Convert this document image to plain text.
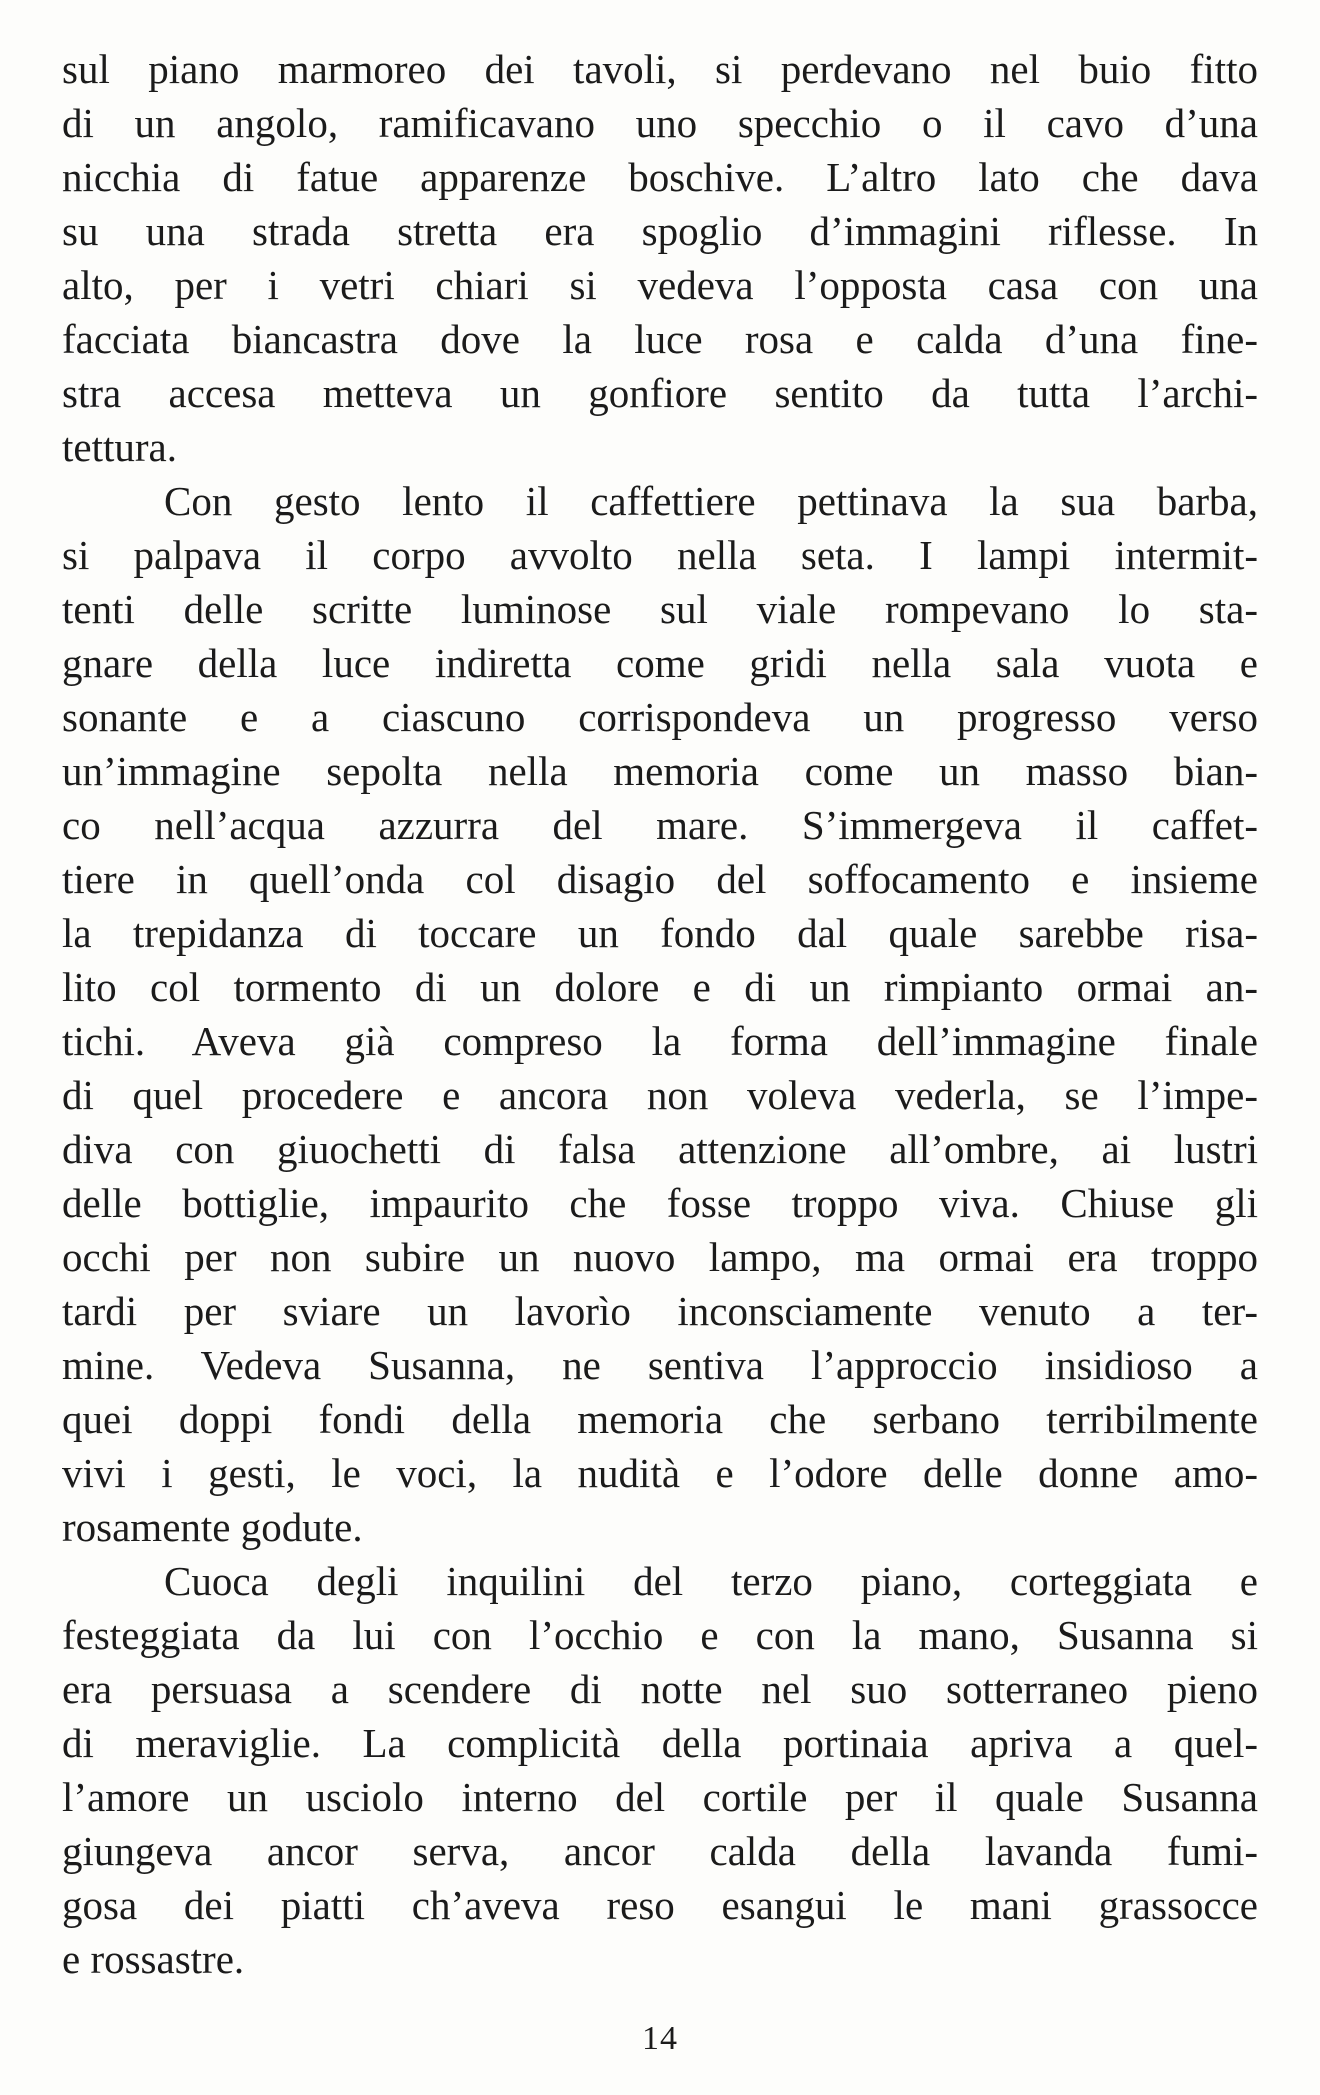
sul piano marmoreo dei tavoli, si perdevano nel buio fitto
di un angolo, ramificavano uno specchio o il cavo d’una
nicchia di fatue apparenze boschive. L’altro lato che dava
su una strada stretta era spoglio d’immagini riflesse. In
alto, per i vetri chiari si vedeva l’opposta casa con una
facciata biancastra dove la luce rosa e calda d’una fine-
stra accesa metteva un gonfiore sentito da tutta l’archi-
tettura.
Con gesto lento il caffettiere pettinava la sua barba,
si palpava il corpo avvolto nella seta. I lampi intermit-
tenti delle scritte luminose sul viale rompevano lo sta-
gnare della luce indiretta come gridi nella sala vuota e
sonante e a ciascuno corrispondeva un progresso verso
un’immagine sepolta nella memoria come un masso bian-
co nell’acqua azzurra del mare. S’immergeva il caffet-
tiere in quell’onda col disagio del soffocamento e insieme
la trepidanza di toccare un fondo dal quale sarebbe risa-
lito col tormento di un dolore e di un rimpianto ormai an-
tichi. Aveva già compreso la forma dell’immagine finale
di quel procedere e ancora non voleva vederla, se l’impe-
diva con giuochetti di falsa attenzione all’ombre, ai lustri
delle bottiglie, impaurito che fosse troppo viva. Chiuse gli
occhi per non subire un nuovo lampo, ma ormai era troppo
tardi per sviare un lavorìo inconsciamente venuto a ter-
mine. Vedeva Susanna, ne sentiva l’approccio insidioso a
quei doppi fondi della memoria che serbano terribilmente
vivi i gesti, le voci, la nudità e l’odore delle donne amo-
rosamente godute.
Cuoca degli inquilini del terzo piano, corteggiata e
festeggiata da lui con l’occhio e con la mano, Susanna si
era persuasa a scendere di notte nel suo sotterraneo pieno
di meraviglie. La complicità della portinaia apriva a quel-
l’amore un usciolo interno del cortile per il quale Susanna
giungeva ancor serva, ancor calda della lavanda fumi-
gosa dei piatti ch’aveva reso esangui le mani grassocce
e rossastre.
14
